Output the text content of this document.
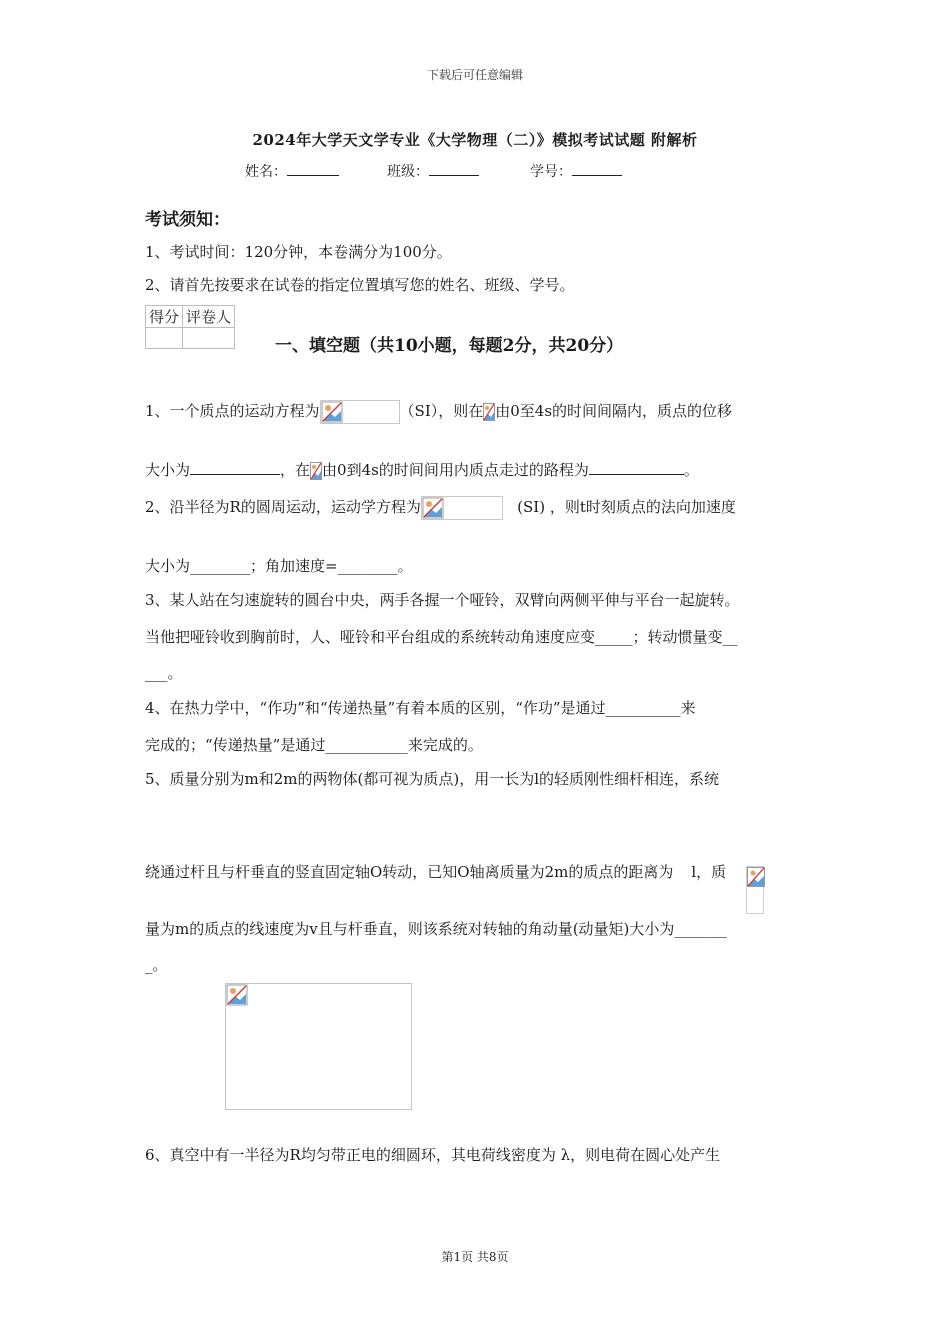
下载后可任意编辑
2024年大学天文学专业《大学物理（二）》模拟考试试题 附解析
姓名：	班级：	学号：
考试须知：
1、考试时间：120分钟，本卷满分为100分。
2、请首先按要求在试卷的指定位置填写您的姓名、班级、学号。
得分	评卷人

一、填空题（共10小题，每题2分，共20分）
1、一个质点的运动方程为	（SI），则在 由0至4s的时间间隔内，质点的位移
大小为	，在 由0到4s的时间间用内质点走过的路程为	。
2、沿半径为R的圆周运动，运动学方程为	(SI) ，则t时刻质点的法向加速度
大小为________；角加速度=________。
3、某人站在匀速旋转的圆台中央，两手各握一个哑铃，双臂向两侧平伸与平台一起旋转。
当他把哑铃收到胸前时，人、哑铃和平台组成的系统转动角速度应变_____；转动惯量变__
___。
4、在热力学中，“作功”和“传递热量”有着本质的区别，“作功”是通过__________来
完成的；“传递热量”是通过___________来完成的。
5、质量分别为m和2m的两物体(都可视为质点)，用一长为l的轻质刚性细杆相连，系统

绕通过杆且与杆垂直的竖直固定轴O转动，已知O轴离质量为2m的质点的距离为 l，质
量为m的质点的线速度为v且与杆垂直，则该系统对转轴的角动量(动量矩)大小为_______
_。
6、真空中有一半径为R均匀带正电的细圆环，其电荷线密度为 λ，则电荷在圆心处产生
第1页 共8页
